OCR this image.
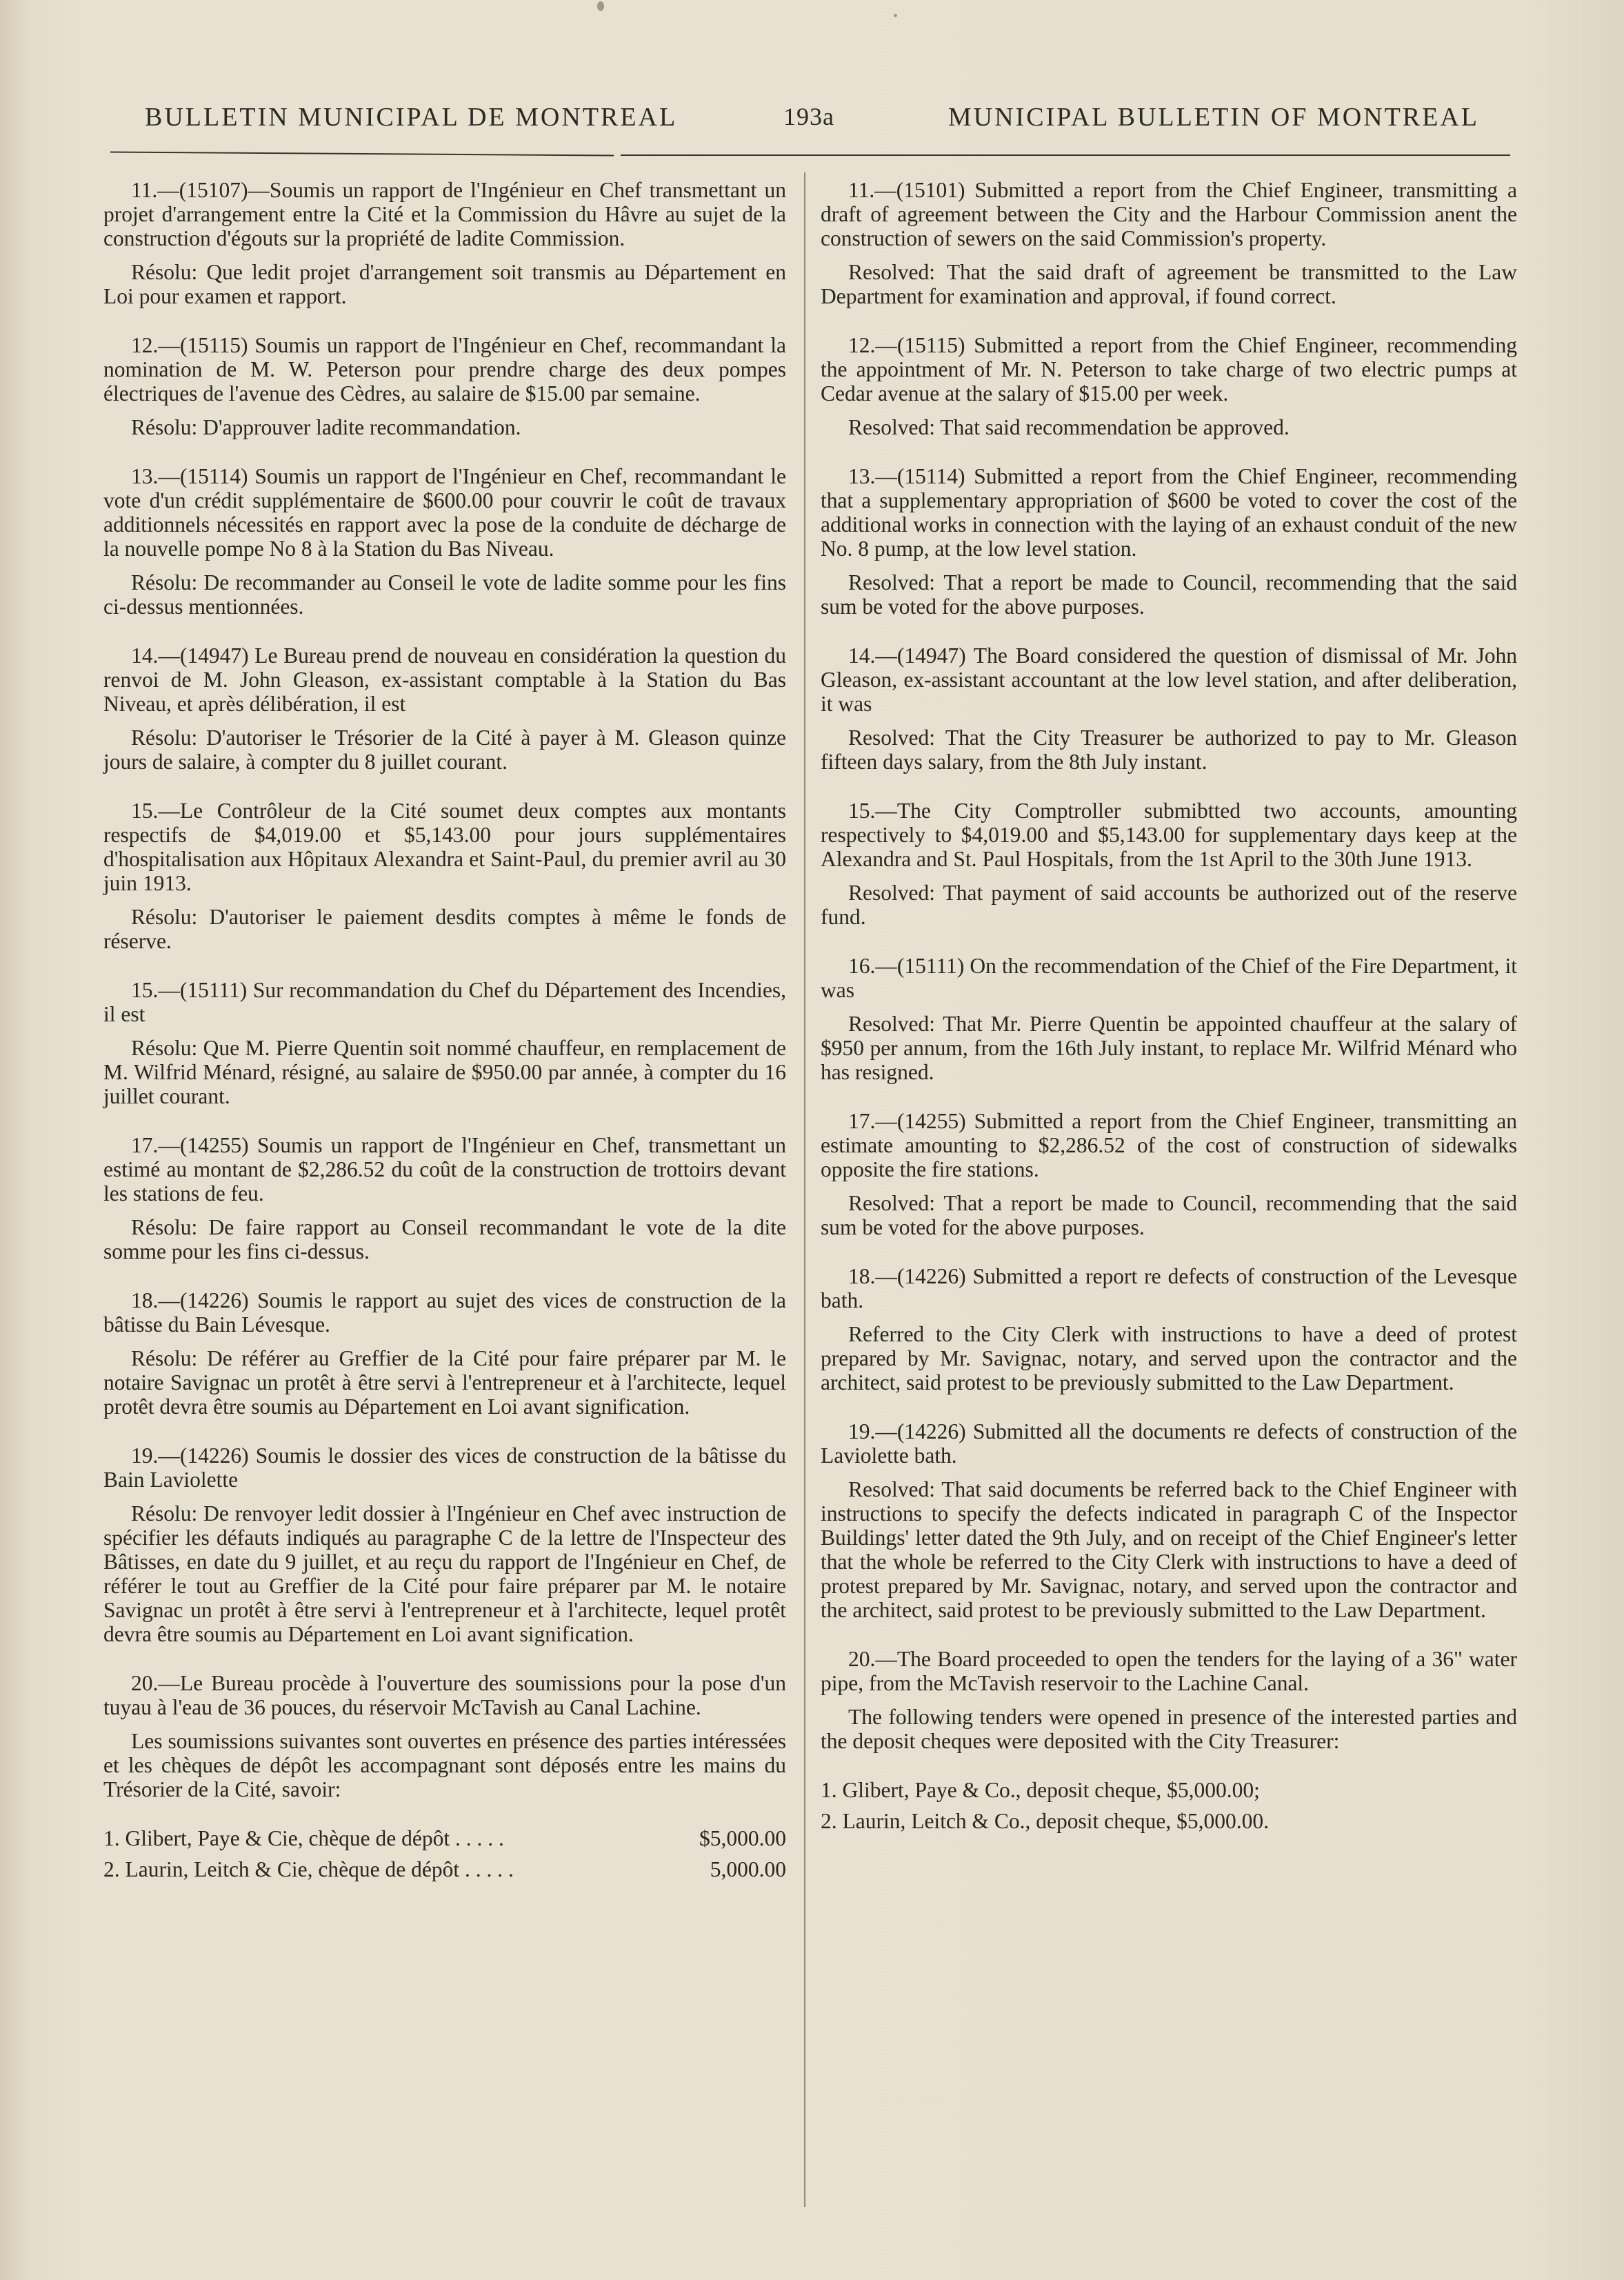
BULLETIN MUNICIPAL DE MONTREAL	193a	MUNICIPAL BULLETIN OF MONTREAL

11.—(15107)—Soumis un rapport de l'Ingénieur en Chef transmettant un projet d'arrangement entre la Cité et la Commission du Hâvre au sujet de la construction d'égouts sur la propriété de ladite Commission.

Résolu: Que ledit projet d'arrangement soit transmis au Département en Loi pour examen et rapport.

12.—(15115) Soumis un rapport de l'Ingénieur en Chef, recommandant la nomination de M. W. Peterson pour prendre charge des deux pompes électriques de l'avenue des Cèdres, au salaire de $15.00 par semaine.

Résolu: D'approuver ladite recommandation.

13.—(15114) Soumis un rapport de l'Ingénieur en Chef, recommandant le vote d'un crédit supplémentaire de $600.00 pour couvrir le coût de travaux additionnels nécessités en rapport avec la pose de la conduite de décharge de la nouvelle pompe No 8 à la Station du Bas Niveau.

Résolu: De recommander au Conseil le vote de ladite somme pour les fins ci-dessus mentionnées.

14.—(14947) Le Bureau prend de nouveau en considération la question du renvoi de M. John Gleason, ex-assistant comptable à la Station du Bas Niveau, et après délibération, il est

Résolu: D'autoriser le Trésorier de la Cité à payer à M. Gleason quinze jours de salaire, à compter du 8 juillet courant.

15.—Le Contrôleur de la Cité soumet deux comptes aux montants respectifs de $4,019.00 et $5,143.00 pour jours supplémentaires d'hospitalisation aux Hôpitaux Alexandra et Saint-Paul, du premier avril au 30 juin 1913.

Résolu: D'autoriser le paiement desdits comptes à même le fonds de réserve.

15.—(15111) Sur recommandation du Chef du Département des Incendies, il est

Résolu: Que M. Pierre Quentin soit nommé chauffeur, en remplacement de M. Wilfrid Ménard, résigné, au salaire de $950.00 par année, à compter du 16 juillet courant.

17.—(14255) Soumis un rapport de l'Ingénieur en Chef, transmettant un estimé au montant de $2,286.52 du coût de la construction de trottoirs devant les stations de feu.

Résolu: De faire rapport au Conseil recommandant le vote de la dite somme pour les fins ci-dessus.

18.—(14226) Soumis le rapport au sujet des vices de construction de la bâtisse du Bain Lévesque.

Résolu: De référer au Greffier de la Cité pour faire préparer par M. le notaire Savignac un protêt à être servi à l'entrepreneur et à l'architecte, lequel protêt devra être soumis au Département en Loi avant signification.

19.—(14226) Soumis le dossier des vices de construction de la bâtisse du Bain Laviolette

Résolu: De renvoyer ledit dossier à l'Ingénieur en Chef avec instruction de spécifier les défauts indiqués au paragraphe C de la lettre de l'Inspecteur des Bâtisses, en date du 9 juillet, et au reçu du rapport de l'Ingénieur en Chef, de référer le tout au Greffier de la Cité pour faire préparer par M. le notaire Savignac un protêt à être servi à l'entrepreneur et à l'architecte, lequel protêt devra être soumis au Département en Loi avant signification.

20.—Le Bureau procède à l'ouverture des soumissions pour la pose d'un tuyau à l'eau de 36 pouces, du réservoir McTavish au Canal Lachine.

Les soumissions suivantes sont ouvertes en présence des parties intéressées et les chèques de dépôt les accompagnant sont déposés entre les mains du Trésorier de la Cité, savoir:

1. Glibert, Paye & Cie, chèque de dépôt . . . . .	$5,000.00
2. Laurin, Leitch & Cie, chèque de dépôt . . . . .	5,000.00

11.—(15101) Submitted a report from the Chief Engineer, transmitting a draft of agreement between the City and the Harbour Commission anent the construction of sewers on the said Commission's property.

Resolved: That the said draft of agreement be transmitted to the Law Department for examination and approval, if found correct.

12.—(15115) Submitted a report from the Chief Engineer, recommending the appointment of Mr. N. Peterson to take charge of two electric pumps at Cedar avenue at the salary of $15.00 per week.

Resolved: That said recommendation be approved.

13.—(15114) Submitted a report from the Chief Engineer, recommending that a supplementary appropriation of $600 be voted to cover the cost of the additional works in connection with the laying of an exhaust conduit of the new No. 8 pump, at the low level station.

Resolved: That a report be made to Council, recommending that the said sum be voted for the above purposes.

14.—(14947) The Board considered the question of dismissal of Mr. John Gleason, ex-assistant accountant at the low level station, and after deliberation, it was

Resolved: That the City Treasurer be authorized to pay to Mr. Gleason fifteen days salary, from the 8th July instant.

15.—The City Comptroller submibtted two accounts, amounting respectively to $4,019.00 and $5,143.00 for supplementary days keep at the Alexandra and St. Paul Hospitals, from the 1st April to the 30th June 1913.

Resolved: That payment of said accounts be authorized out of the reserve fund.

16.—(15111) On the recommendation of the Chief of the Fire Department, it was

Resolved: That Mr. Pierre Quentin be appointed chauffeur at the salary of $950 per annum, from the 16th July instant, to replace Mr. Wilfrid Ménard who has resigned.

17.—(14255) Submitted a report from the Chief Engineer, transmitting an estimate amounting to $2,286.52 of the cost of construction of sidewalks opposite the fire stations.

Resolved: That a report be made to Council, recommending that the said sum be voted for the above purposes.

18.—(14226) Submitted a report re defects of construction of the Levesque bath.

Referred to the City Clerk with instructions to have a deed of protest prepared by Mr. Savignac, notary, and served upon the contractor and the architect, said protest to be previously submitted to the Law Department.

19.—(14226) Submitted all the documents re defects of construction of the Laviolette bath.

Resolved: That said documents be referred back to the Chief Engineer with instructions to specify the defects indicated in paragraph C of the Inspector Buildings' letter dated the 9th July, and on receipt of the Chief Engineer's letter that the whole be referred to the City Clerk with instructions to have a deed of protest prepared by Mr. Savignac, notary, and served upon the contractor and the architect, said protest to be previously submitted to the Law Department.

20.—The Board proceeded to open the tenders for the laying of a 36" water pipe, from the McTavish reservoir to the Lachine Canal.

The following tenders were opened in presence of the interested parties and the deposit cheques were deposited with the City Treasurer:

1. Glibert, Paye & Co., deposit cheque, $5,000.00;
2. Laurin, Leitch & Co., deposit cheque, $5,000.00.
